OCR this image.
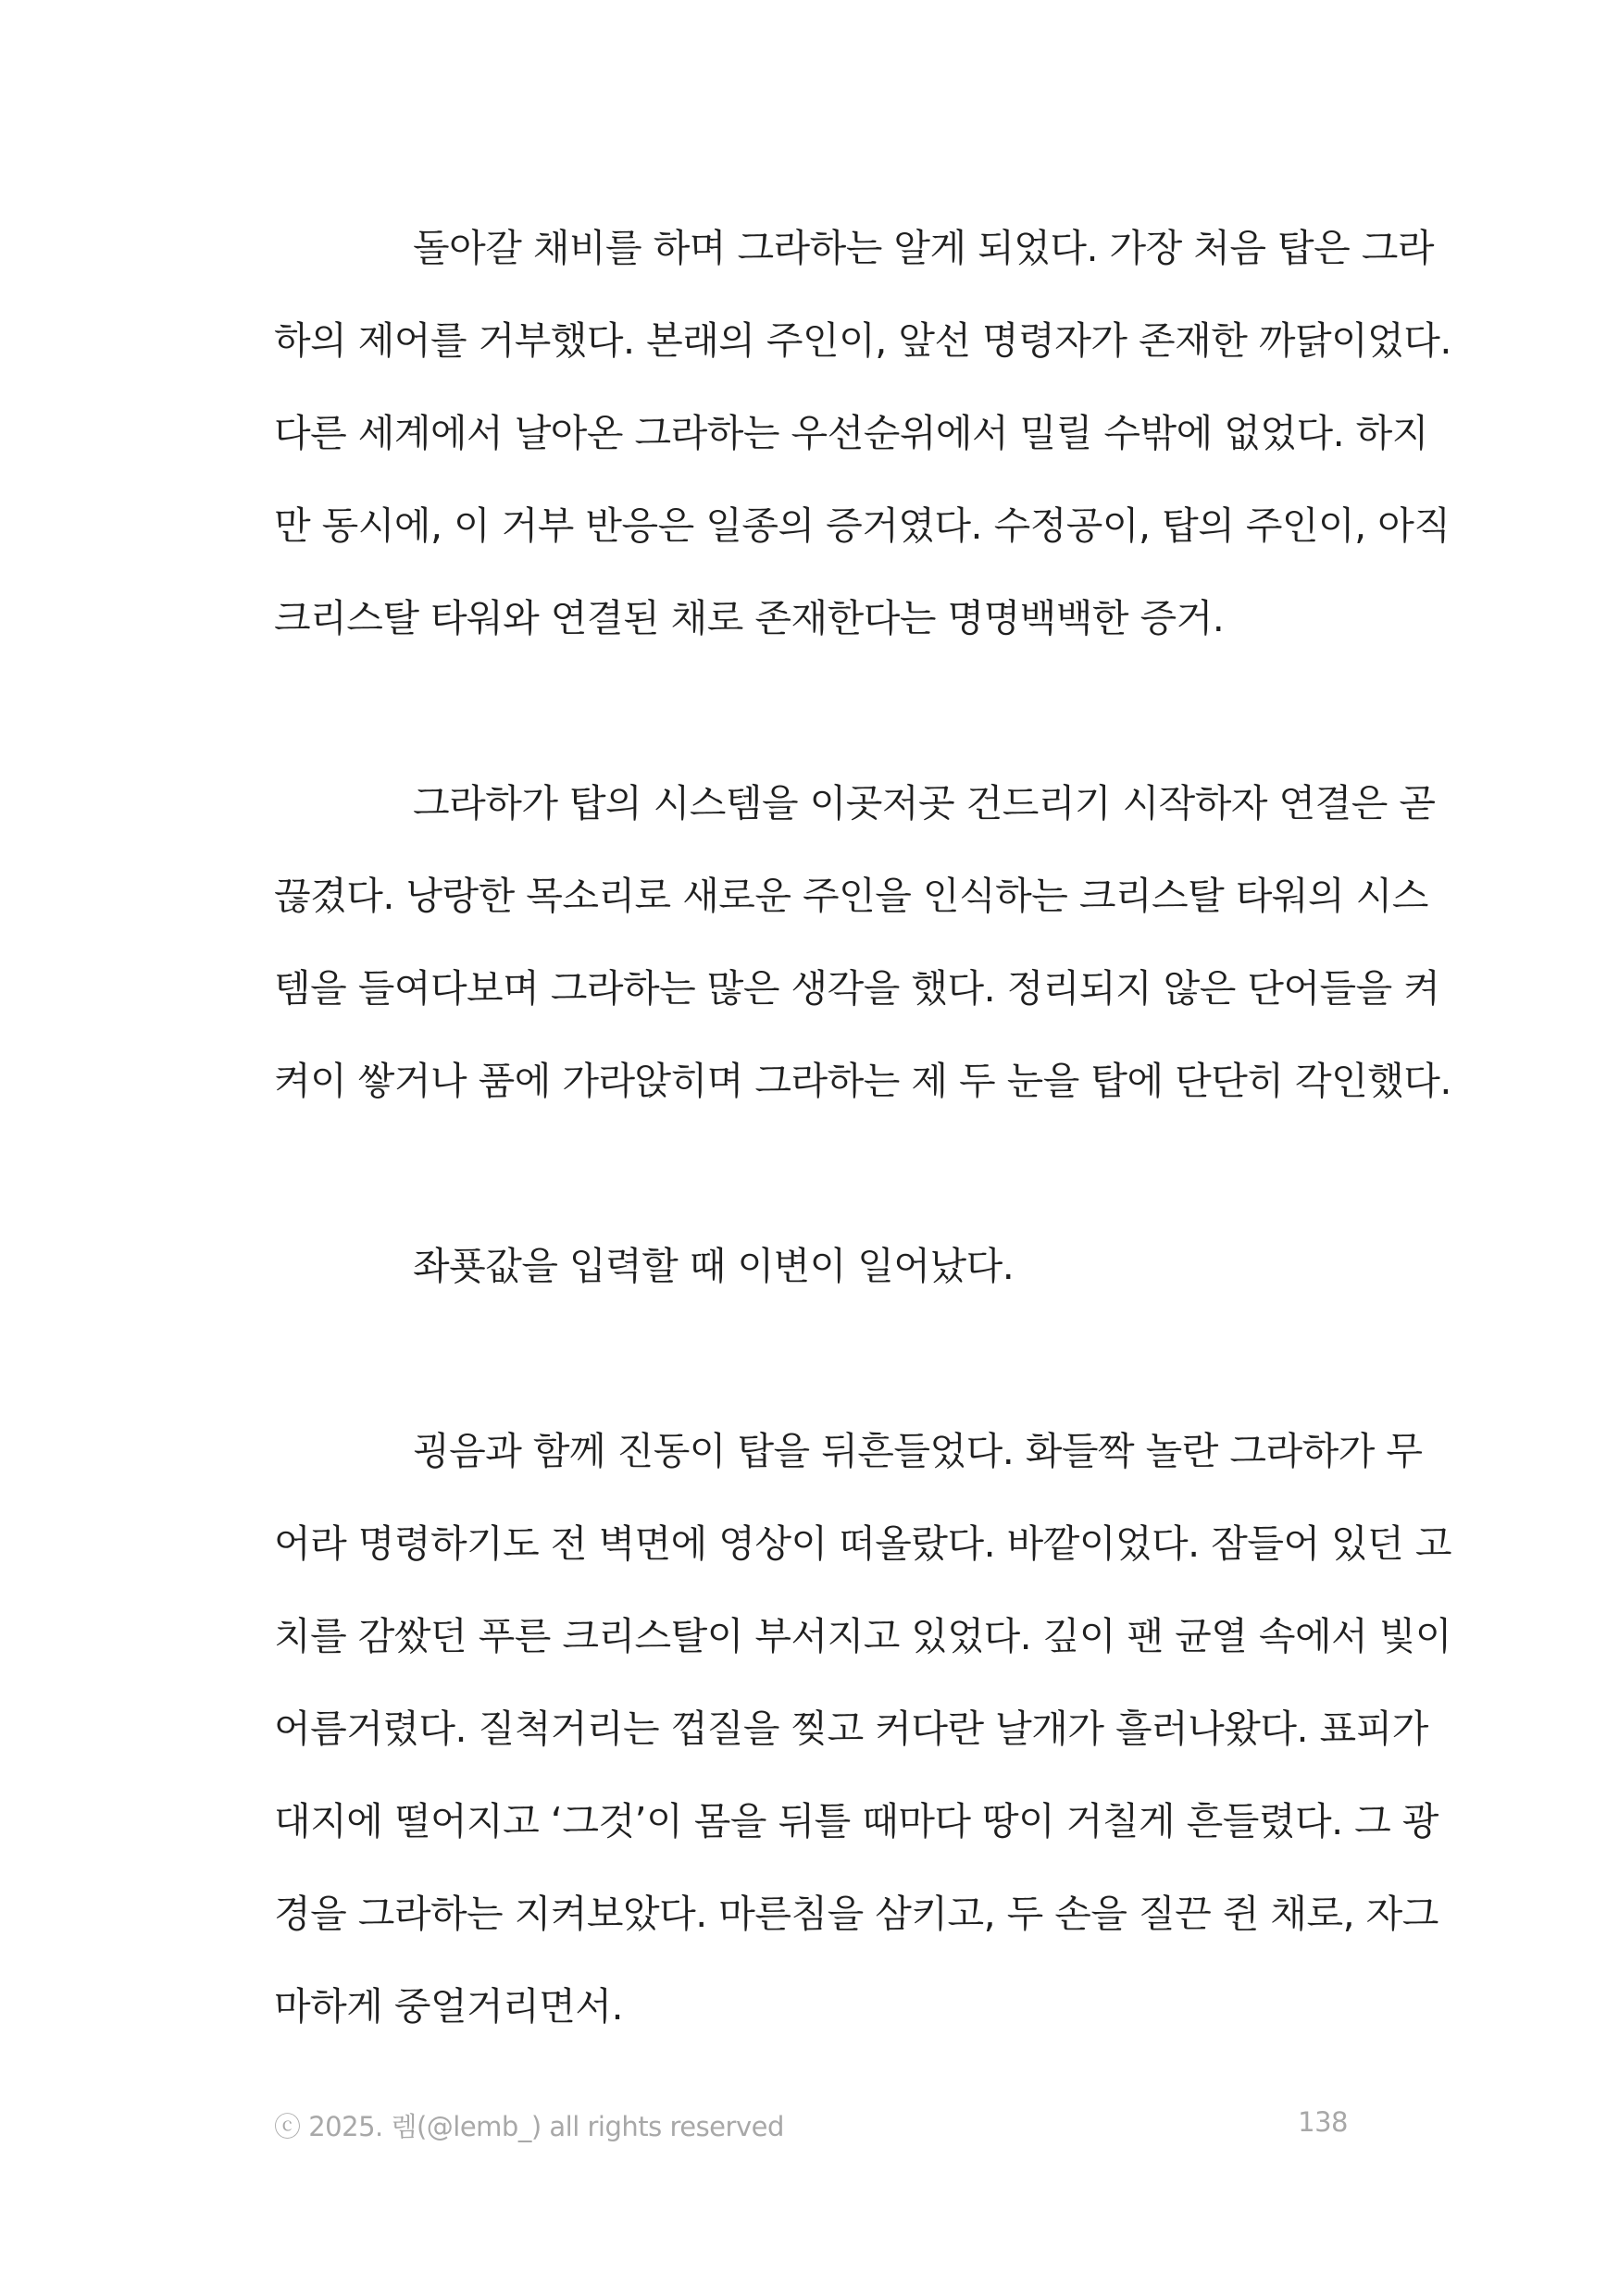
돌아갈 채비를 하며 그라하는 알게 되었다. 가장 처음 탑은 그라
하의 제어를 거부했다. 본래의 주인이, 앞선 명령자가 존재한 까닭이었다.
다른 세계에서 날아온 그라하는 우선순위에서 밀릴 수밖에 없었다. 하지
만 동시에, 이 거부 반응은 일종의 증거였다. 수정공이, 탑의 주인이, 아직
크리스탈 타워와 연결된 채로 존재한다는 명명백백한 증거.

그라하가 탑의 시스템을 이곳저곳 건드리기 시작하자 연결은 곧
끊겼다. 낭랑한 목소리로 새로운 주인을 인식하는 크리스탈 타워의 시스
템을 들여다보며 그라하는 많은 생각을 했다. 정리되지 않은 단어들을 켜
켜이 쌓거나 품에 가라앉히며 그라하는 제 두 눈을 탑에 단단히 각인했다.

좌푯값을 입력할 때 이변이 일어났다.

굉음과 함께 진동이 탑을 뒤흔들었다. 화들짝 놀란 그라하가 무
어라 명령하기도 전 벽면에 영상이 떠올랐다. 바깥이었다. 잠들어 있던 고
치를 감쌌던 푸른 크리스탈이 부서지고 있었다. 깊이 팬 균열 속에서 빛이
어름거렸다. 질척거리는 껍질을 찢고 커다란 날개가 흘러나왔다. 표피가
대지에 떨어지고 ‘그것’이 몸을 뒤틀 때마다 땅이 거칠게 흔들렸다. 그 광
경을 그라하는 지켜보았다. 마른침을 삼키고, 두 손을 질끈 쥔 채로, 자그
마하게 중얼거리면서.

ⓒ 2025. 렘(@lemb_) all rights reserved	138
